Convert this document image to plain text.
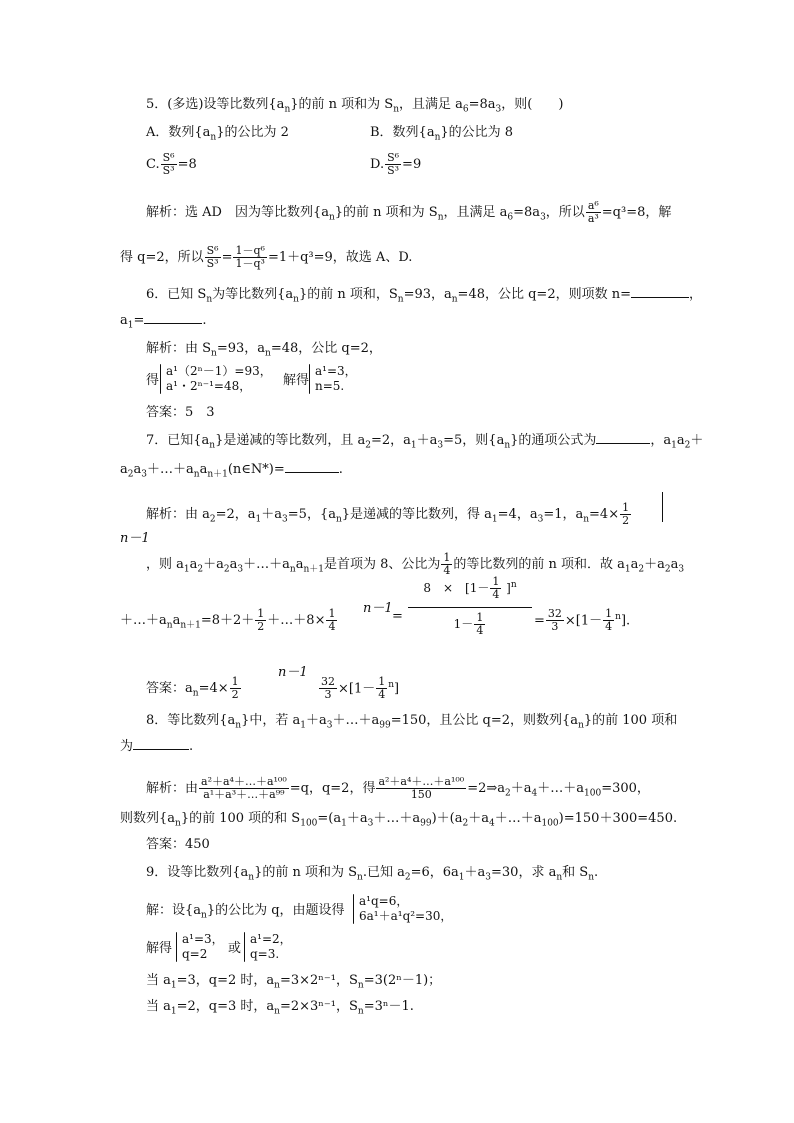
5．(多选)设等比数列$\{a_n\}$的前 n 项和为 $S_n$，且满足 $a_6=8a_3$，则(　　)
A．数列$\{a_n\}$的公比为 2	B．数列$\{a_n\}$的公比为 8
C. $\frac{\text{S⁶}}{\text{S³}} =8$	D. $\frac{\text{S⁶}}{\text{S³}} =9$
解析：选 AD　因为等比数列$\{a_n\}$的前 n 项和为 $S_n$，且满足 $a_6=8a_3$，所以 $\frac{\text{a⁶}}{\text{a³}} =q^3=8$，解
得 q=2，所以 $\frac{\text{S⁶}}{\text{S³}} = \frac{\text{1－q⁶}}{\text{1－q³}} =1+q^3=9$，故选 A、D.
6．已知 $S_n$为等比数列$\{a_n\}$的前 n 项和，$S_n=93$，$a_n=48$，公比 q=2，则项数 n=	，
$a_1=$	.
解析：由 $S_n=93$，$a_n=48$，公比 q=2，
得
a¹（2ⁿ－1）=93，
a¹・2ⁿ⁻¹=48， 解得
a¹=3，
n=5.
答案：5　3
7．已知$\{a_n\}$是递减的等比数列，且 $a_2=2$，$a_1+a_3=5$，则$\{a_n\}$的通项公式为	，$a_1a_2+$
$a_2a_3+\dots+a_na_{n+1}(n\in N*)=$	.
解析：由 $a_2=2$，$a_1+a_3=5$，$\{a_n\}$是递减的等比数列，得 $a_1=4$，$a_3=1$，$a_n=4\times \frac{1}{2}$
n－1
，则 $a_1a_2+a_2a_3+\dots+a_na_{n+1}$是首项为 8、公比为 $\frac{1}{4}$ 的等比数列的前 n 项和．故 $a_1a_2+a_2a_3$
$+\dots+a_na_{n+1}=8+2+ \frac{1}{2}$ ＋…＋8× $\frac{1}{4} n-1$
=
8　×　$[1- \frac{1}{4} ]^n$
$1- \frac{1}{4}$	= $\frac{32}{3} \times[1- \frac{1}{4} ^n]$.
答案：$a_n=4\times \frac{1}{2}$
n－1
$\frac{32}{3} \times[1- \frac{1}{4} ^n]$
8．等比数列$\{a_n\}$中，若 $a_1+a_3+\dots+a_{99}=150$，且公比 q=2，则数列$\{a_n\}$的前 100 项和
为	.
解析：由 $\frac{\text{a²＋a⁴＋…＋a¹⁰⁰}}{\text{a¹＋a³＋…＋a⁹⁹}} =q$，q=2，得 $\frac{\text{a²＋a⁴＋…＋a¹⁰⁰}}{150}$ $=2\Rightarrow a_2+a_4+\dots+a_{100}=300$，
则数列$\{a_n\}$的前 100 项的和 $S_{100}=(a_1+a_3+\dots+a_{99})+(a_2+a_4+\dots+a_{100})=150+300=450$.
答案：450
9．设等比数列$\{a_n\}$的前 n 项和为 $S_n$.已知 $a_2=6$，$6a_1+a_3=30$，求 $a_n$和 $S_n$.
解：设$\{a_n\}$的公比为 q，由题设得
a¹q=6，
6a¹＋a¹q²=30，
解得
a¹=3，
q=2 或
a¹=2，
q=3.
当 $a_1=3$，q=2 时，$a_n=3\times 2^{n-1}$，$S_n=3(2^n-1)$；
当 $a_1=2$，q=3 时，$a_n=2\times 3^{n-1}$，$S_n=3^n-1$.
